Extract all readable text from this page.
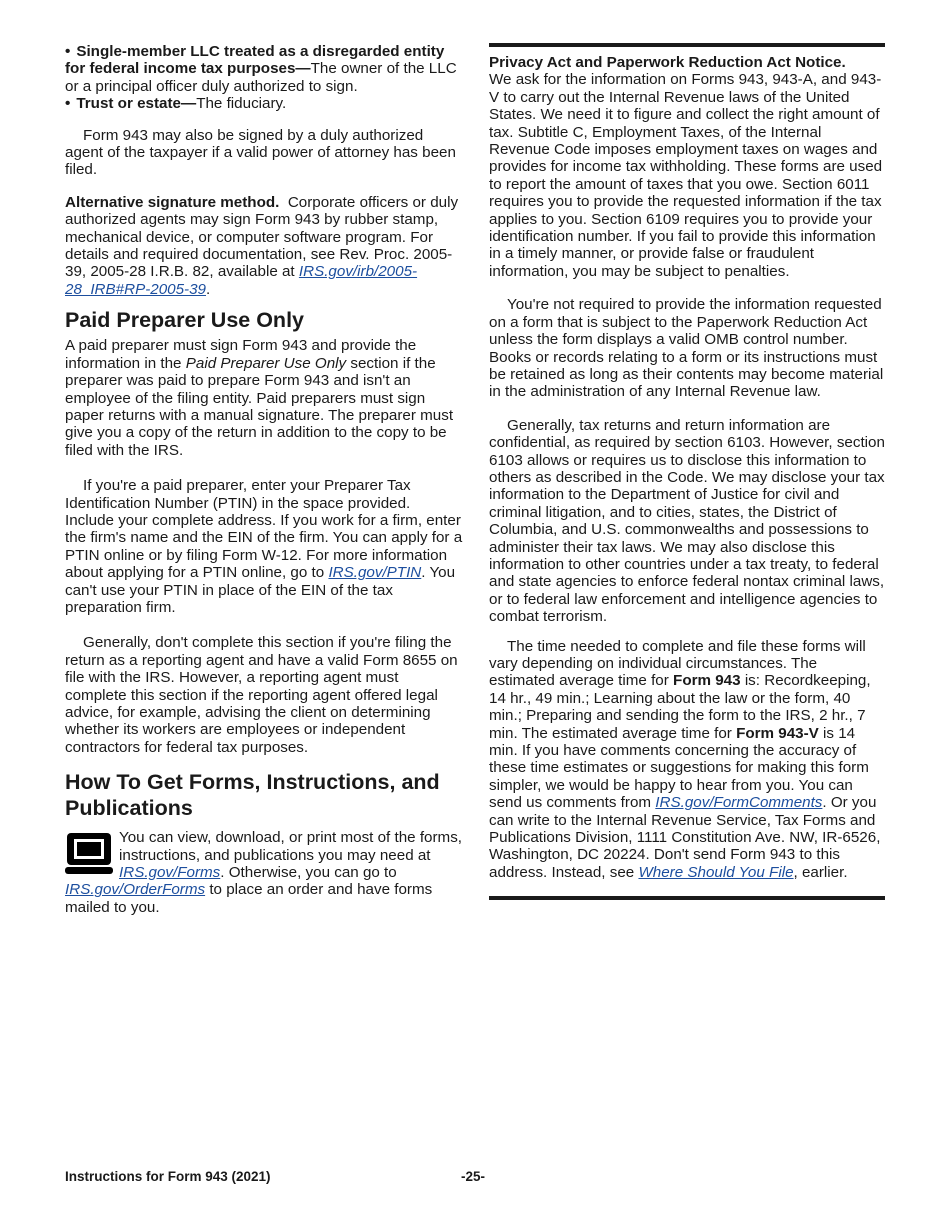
• Single-member LLC treated as a disregarded entity for federal income tax purposes—The owner of the LLC or a principal officer duly authorized to sign.

• Trust or estate—The fiduciary.

Form 943 may also be signed by a duly authorized agent of the taxpayer if a valid power of attorney has been filed.

Alternative signature method. Corporate officers or duly authorized agents may sign Form 943 by rubber stamp, mechanical device, or computer software program. For details and required documentation, see Rev. Proc. 2005-39, 2005-28 I.R.B. 82, available at IRS.gov/irb/2005-28_IRB#RP-2005-39.

Paid Preparer Use Only

A paid preparer must sign Form 943 and provide the information in the Paid Preparer Use Only section if the preparer was paid to prepare Form 943 and isn't an employee of the filing entity. Paid preparers must sign paper returns with a manual signature. The preparer must give you a copy of the return in addition to the copy to be filed with the IRS.

If you're a paid preparer, enter your Preparer Tax Identification Number (PTIN) in the space provided. Include your complete address. If you work for a firm, enter the firm's name and the EIN of the firm. You can apply for a PTIN online or by filing Form W-12. For more information about applying for a PTIN online, go to IRS.gov/PTIN. You can't use your PTIN in place of the EIN of the tax preparation firm.

Generally, don't complete this section if you're filing the return as a reporting agent and have a valid Form 8655 on file with the IRS. However, a reporting agent must complete this section if the reporting agent offered legal advice, for example, advising the client on determining whether its workers are employees or independent contractors for federal tax purposes.

How To Get Forms, Instructions, and Publications

You can view, download, or print most of the forms, instructions, and publications you may need at IRS.gov/Forms. Otherwise, you can go to IRS.gov/OrderForms to place an order and have forms mailed to you.

Privacy Act and Paperwork Reduction Act Notice.
We ask for the information on Forms 943, 943-A, and 943-V to carry out the Internal Revenue laws of the United States. We need it to figure and collect the right amount of tax. Subtitle C, Employment Taxes, of the Internal Revenue Code imposes employment taxes on wages and provides for income tax withholding. These forms are used to report the amount of taxes that you owe. Section 6011 requires you to provide the requested information if the tax applies to you. Section 6109 requires you to provide your identification number. If you fail to provide this information in a timely manner, or provide false or fraudulent information, you may be subject to penalties.

You're not required to provide the information requested on a form that is subject to the Paperwork Reduction Act unless the form displays a valid OMB control number. Books or records relating to a form or its instructions must be retained as long as their contents may become material in the administration of any Internal Revenue law.

Generally, tax returns and return information are confidential, as required by section 6103. However, section 6103 allows or requires us to disclose this information to others as described in the Code. We may disclose your tax information to the Department of Justice for civil and criminal litigation, and to cities, states, the District of Columbia, and U.S. commonwealths and possessions to administer their tax laws. We may also disclose this information to other countries under a tax treaty, to federal and state agencies to enforce federal nontax criminal laws, or to federal law enforcement and intelligence agencies to combat terrorism.

The time needed to complete and file these forms will vary depending on individual circumstances. The estimated average time for Form 943 is: Recordkeeping, 14 hr., 49 min.; Learning about the law or the form, 40 min.; Preparing and sending the form to the IRS, 2 hr., 7 min. The estimated average time for Form 943-V is 14 min. If you have comments concerning the accuracy of these time estimates or suggestions for making this form simpler, we would be happy to hear from you. You can send us comments from IRS.gov/FormComments. Or you can write to the Internal Revenue Service, Tax Forms and Publications Division, 1111 Constitution Ave. NW, IR-6526, Washington, DC 20224. Don't send Form 943 to this address. Instead, see Where Should You File, earlier.

Instructions for Form 943 (2021)	-25-
